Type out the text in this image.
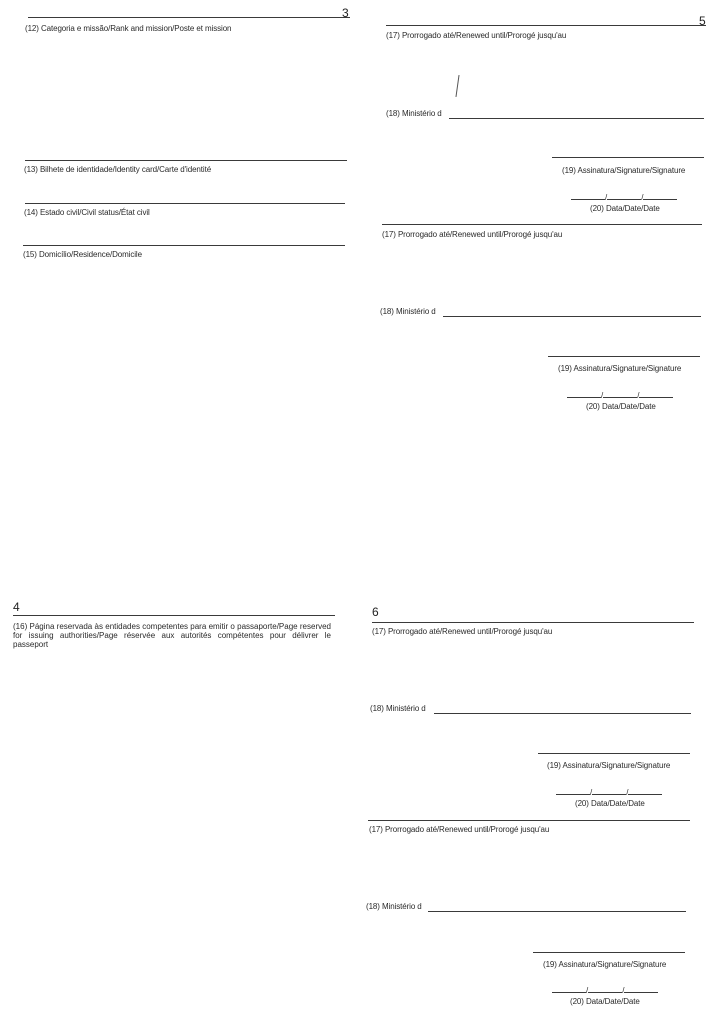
3
(12) Categoria e missão/Rank and mission/Poste et mission
(13) Bilhete de identidade/Identity card/Carte d'identité
(14) Estado civil/Civil status/État civil
(15) Domicílio/Residence/Domicile
4
(16) Página reservada às entidades competentes para emitir o passaporte/Page reserved for issuing authorities/Page réservée aux autorités compétentes pour délivrer le passeport
5
(17) Prorrogado até/Renewed until/Prorogé jusqu'au
(18) Ministério d
(19) Assinatura/Signature/Signature
/	/
(20) Data/Date/Date
(17) Prorrogado até/Renewed until/Prorogé jusqu'au
(18) Ministério d
(19) Assinatura/Signature/Signature
/	/
(20) Data/Date/Date
6
(17) Prorrogado até/Renewed until/Prorogé jusqu'au
(18) Ministério d
(19) Assinatura/Signature/Signature
/	/
(20) Data/Date/Date
(17) Prorrogado até/Renewed until/Prorogé jusqu'au
(18) Ministério d
(19) Assinatura/Signature/Signature
/	/
(20) Data/Date/Date
